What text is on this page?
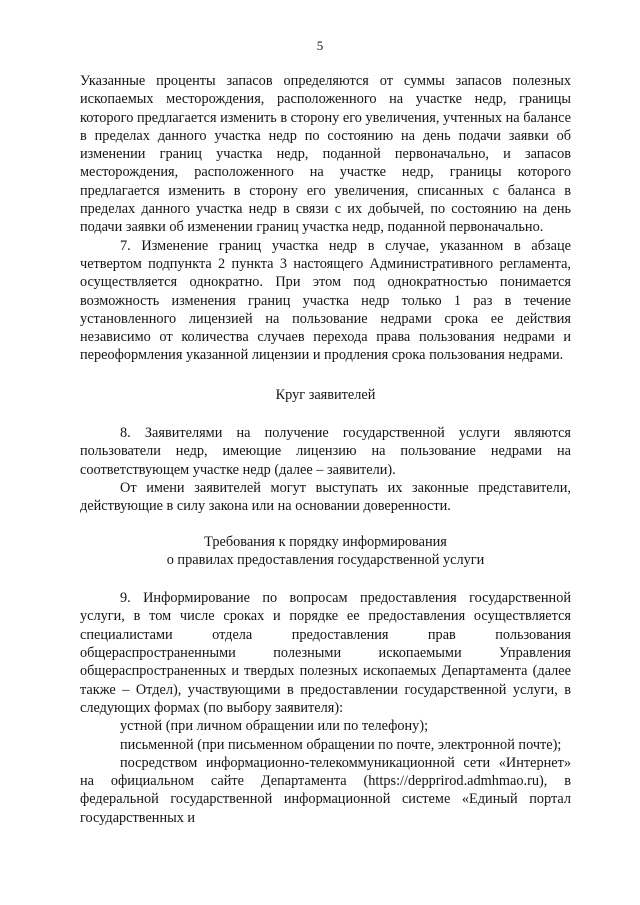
5

Указанные проценты запасов определяются от суммы запасов полезных ископаемых месторождения, расположенного на участке недр, границы которого предлагается изменить в сторону его увеличения, учтенных на балансе в пределах данного участка недр по состоянию на день подачи заявки об изменении границ участка недр, поданной первоначально, и запасов месторождения, расположенного на участке недр, границы которого предлагается изменить в сторону его увеличения, списанных с баланса в пределах данного участка недр в связи с их добычей, по состоянию на день подачи заявки об изменении границ участка недр, поданной первоначально.

7. Изменение границ участка недр в случае, указанном в абзаце четвертом подпункта 2 пункта 3 настоящего Административного регламента, осуществляется однократно. При этом под однократностью понимается возможность изменения границ участка недр только 1 раз в течение установленного лицензией на пользование недрами срока ее действия независимо от количества случаев перехода права пользования недрами и переоформления указанной лицензии и продления срока пользования недрами.

Круг заявителей

8. Заявителями на получение государственной услуги являются пользователи недр, имеющие лицензию на пользование недрами на соответствующем участке недр (далее – заявители).

От имени заявителей могут выступать их законные представители, действующие в силу закона или на основании доверенности.

Требования к порядку информирования

о правилах предоставления государственной услуги

9. Информирование по вопросам предоставления государственной услуги, в том числе сроках и порядке ее предоставления осуществляется специалистами отдела предоставления прав пользования общераспространенными полезными ископаемыми Управления общераспространенных и твердых полезных ископаемых Департамента (далее также – Отдел), участвующими в предоставлении государственной услуги, в следующих формах (по выбору заявителя):

устной (при личном обращении или по телефону);

письменной (при письменном обращении по почте, электронной почте);

посредством информационно-телекоммуникационной сети «Интернет» на официальном сайте Департамента (https://depprirod.admhmao.ru), в федеральной государственной информационной системе «Единый портал государственных и
